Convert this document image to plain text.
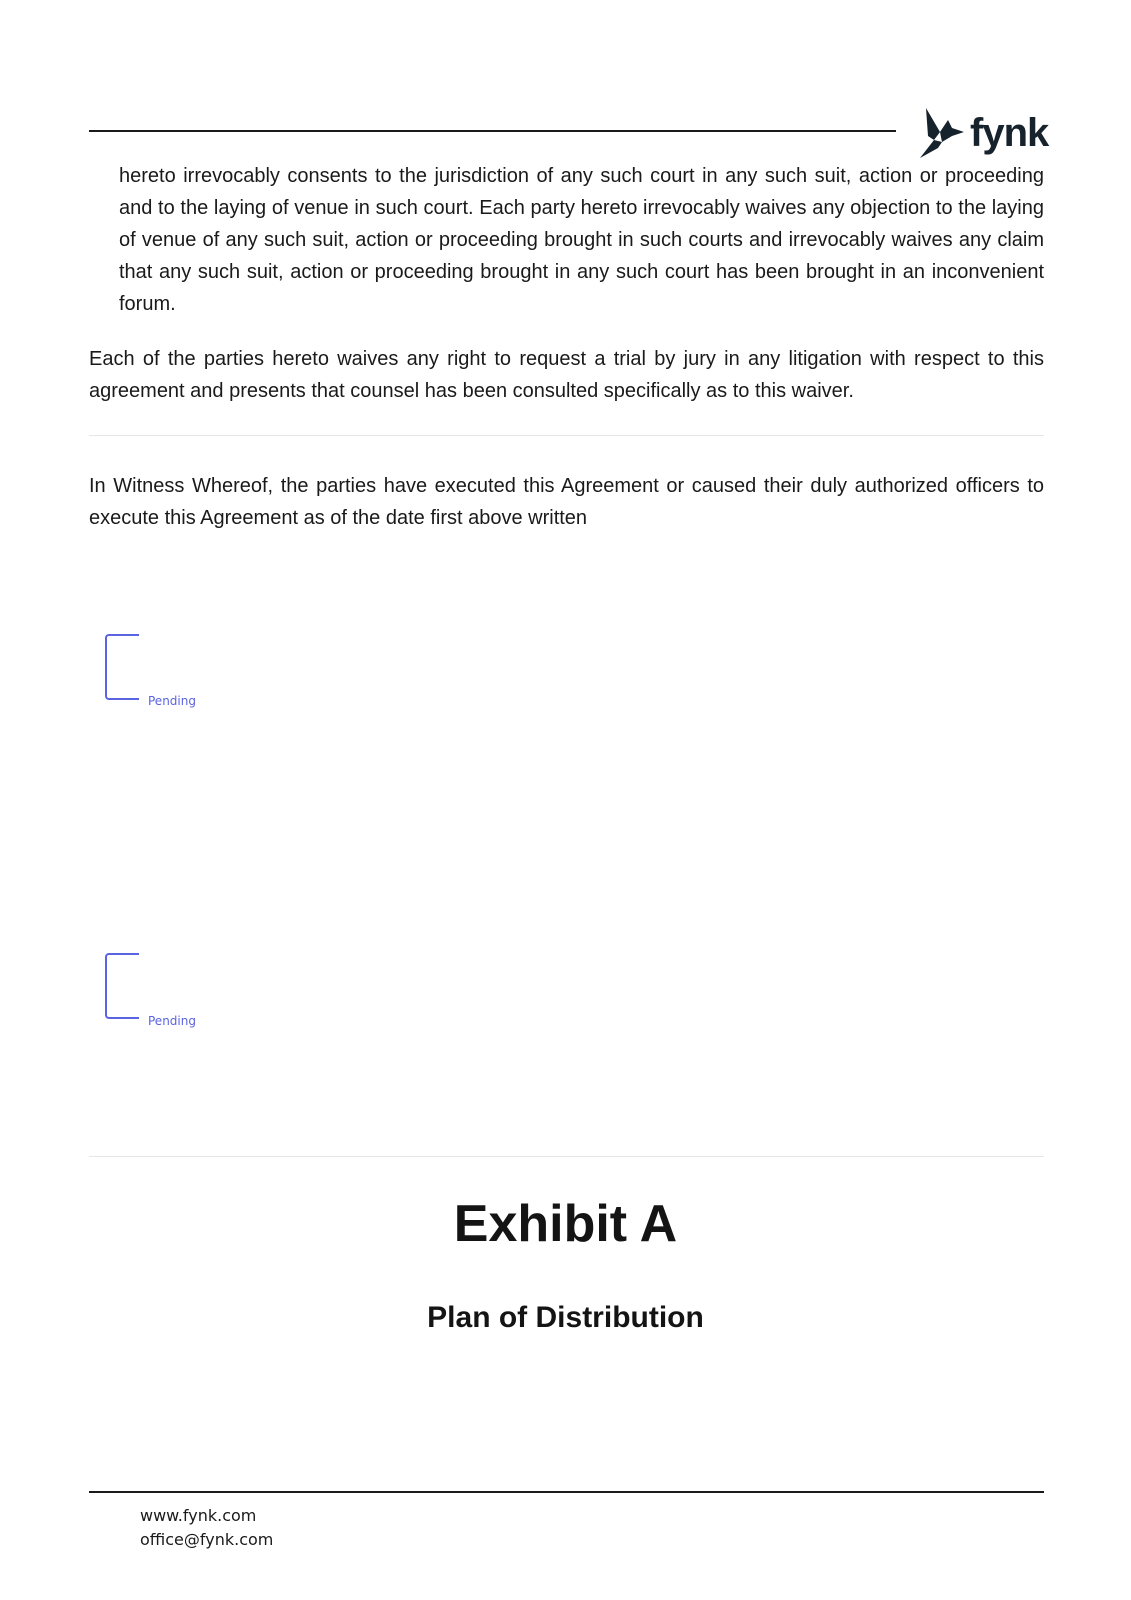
fynk

hereto irrevocably consents to the jurisdiction of any such court in any such suit, action or proceeding and to the laying of venue in such court. Each party hereto irrevocably waives any objection to the laying of venue of any such suit, action or proceeding brought in such courts and irrevocably waives any claim that any such suit, action or proceeding brought in any such court has been brought in an inconvenient forum.

Each of the parties hereto waives any right to request a trial by jury in any litigation with respect to this agreement and presents that counsel has been consulted specifically as to this waiver.

In Witness Whereof, the parties have executed this Agreement or caused their duly authorized officers to execute this Agreement as of the date first above written

Pending
Pending
Exhibit A
Plan of Distribution
www.fynk.com
office@fynk.com
